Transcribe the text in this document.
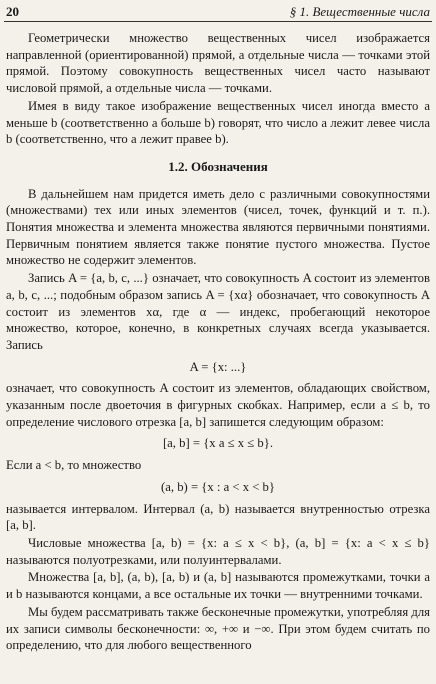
20	§ 1. Вещественные числа

Геометрически множество вещественных чисел изображается направленной (ориентированной) прямой, а отдельные числа — точками этой прямой. Поэтому совокупность вещественных чисел часто называют числовой прямой, а отдельные числа — точками.

Имея в виду такое изображение вещественных чисел иногда вместо a меньше b (соответственно a больше b) говорят, что число a лежит левее числа b (соответственно, что a лежит правее b).

1.2. Обозначения

В дальнейшем нам придется иметь дело с различными совокупностями (множествами) тех или иных элементов (чисел, точек, функций и т. п.). Понятия множества и элемента множества являются первичными понятиями. Первичным понятием является также понятие пустого множества. Пустое множество не содержит элементов.

Запись A = {a, b, c, ...} означает, что совокупность A состоит из элементов a, b, c, ...; подобным образом запись A = {xα} обозначает, что совокупность A состоит из элементов xα, где α — индекс, пробегающий некоторое множество, которое, конечно, в конкретных случаях всегда указывается. Запись

A = {x: ...}

означает, что совокупность A состоит из элементов, обладающих свойством, указанным после двоеточия в фигурных скобках. Например, если a ≤ b, то определение числового отрезка [a, b] запишется следующим образом:

[a, b] = {x a ≤ x ≤ b}.

Если a < b, то множество

(a, b) = {x : a < x < b}

называется интервалом. Интервал (a, b) называется внутренностью отрезка [a, b].

Числовые множества [a, b) = {x: a ≤ x < b}, (a, b] = {x: a < x ≤ b} называются полуотрезками, или полуинтервалами.

Множества [a, b], (a, b), [a, b) и (a, b] называются промежутками, точки a и b называются концами, а все остальные их точки — внутренними точками.

Мы будем рассматривать также бесконечные промежутки, употребляя для их записи символы бесконечности: ∞, +∞ и −∞. При этом будем считать по определению, что для любого вещественного
